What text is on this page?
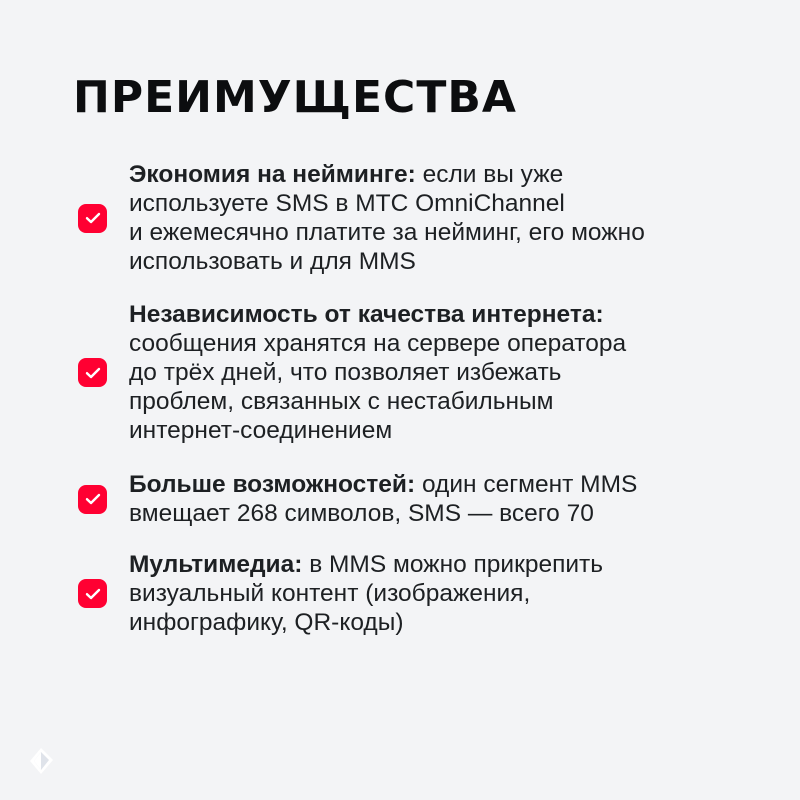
ПРЕИМУЩЕСТВА
Экономия на нейминге: если вы уже
используете SMS в МТС OmniChannel
и ежемесячно платите за нейминг, его можно
использовать и для MMS
Независимость от качества интернета:
сообщения хранятся на сервере оператора
до трёх дней, что позволяет избежать
проблем, связанных с нестабильным
интернет-соединением
Больше возможностей: один сегмент MMS
вмещает 268 символов, SMS — всего 70
Мультимедиа: в MMS можно прикрепить
визуальный контент (изображения,
инфографику, QR-коды)
